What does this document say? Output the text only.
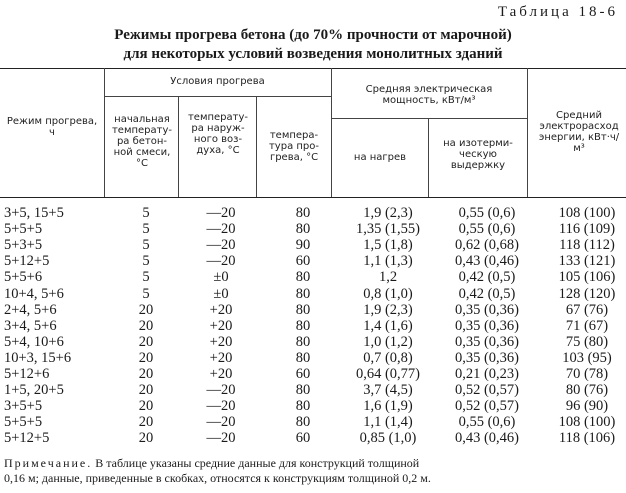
Таблица 18-6
Режимы прогрева бетона (до 70% прочности от марочной)
для некоторых условий возведения монолитных зданий
Режим прогрева, ч
Условия прогрева
начальная температу-ра бетон-ной смеси, °С
температу-ра наруж-ного воз-духа, °С
темпера-тура про-грева, °С
Средняя электрическая мощность, кВт/м³
на нагрев
на изотерми-ческую выдержку
Средний электрорасход энергии, кВт·ч/м³
3+5, 15+5	5	—20	80	1,9 (2,3)	0,55 (0,6)	108 (100)
5+5+5	5	—20	80	1,35 (1,55)	0,55 (0,6)	116 (109)
5+3+5	5	—20	90	1,5 (1,8)	0,62 (0,68)	118 (112)
5+12+5	5	—20	60	1,1 (1,3)	0,43 (0,46)	133 (121)
5+5+6	5	±0	80	1,2	0,42 (0,5)	105 (106)
10+4, 5+6	5	±0	80	0,8 (1,0)	0,42 (0,5)	128 (120)
2+4, 5+6	20	+20	80	1,9 (2,3)	0,35 (0,36)	67 (76)
3+4, 5+6	20	+20	80	1,4 (1,6)	0,35 (0,36)	71 (67)
5+4, 10+6	20	+20	80	1,0 (1,2)	0,35 (0,36)	75 (80)
10+3, 15+6	20	+20	80	0,7 (0,8)	0,35 (0,36)	103 (95)
5+12+6	20	+20	60	0,64 (0,77)	0,21 (0,23)	70 (78)
1+5, 20+5	20	—20	80	3,7 (4,5)	0,52 (0,57)	80 (76)
3+5+5	20	—20	80	1,6 (1,9)	0,52 (0,57)	96 (90)
5+5+5	20	—20	80	1,1 (1,4)	0,55 (0,6)	108 (100)
5+12+5	20	—20	60	0,85 (1,0)	0,43 (0,46)	118 (106)
Примечание. В таблице указаны средние данные для конструкций толщиной
0,16 м; данные, приведенные в скобках, относятся к конструкциям толщиной 0,2 м.
